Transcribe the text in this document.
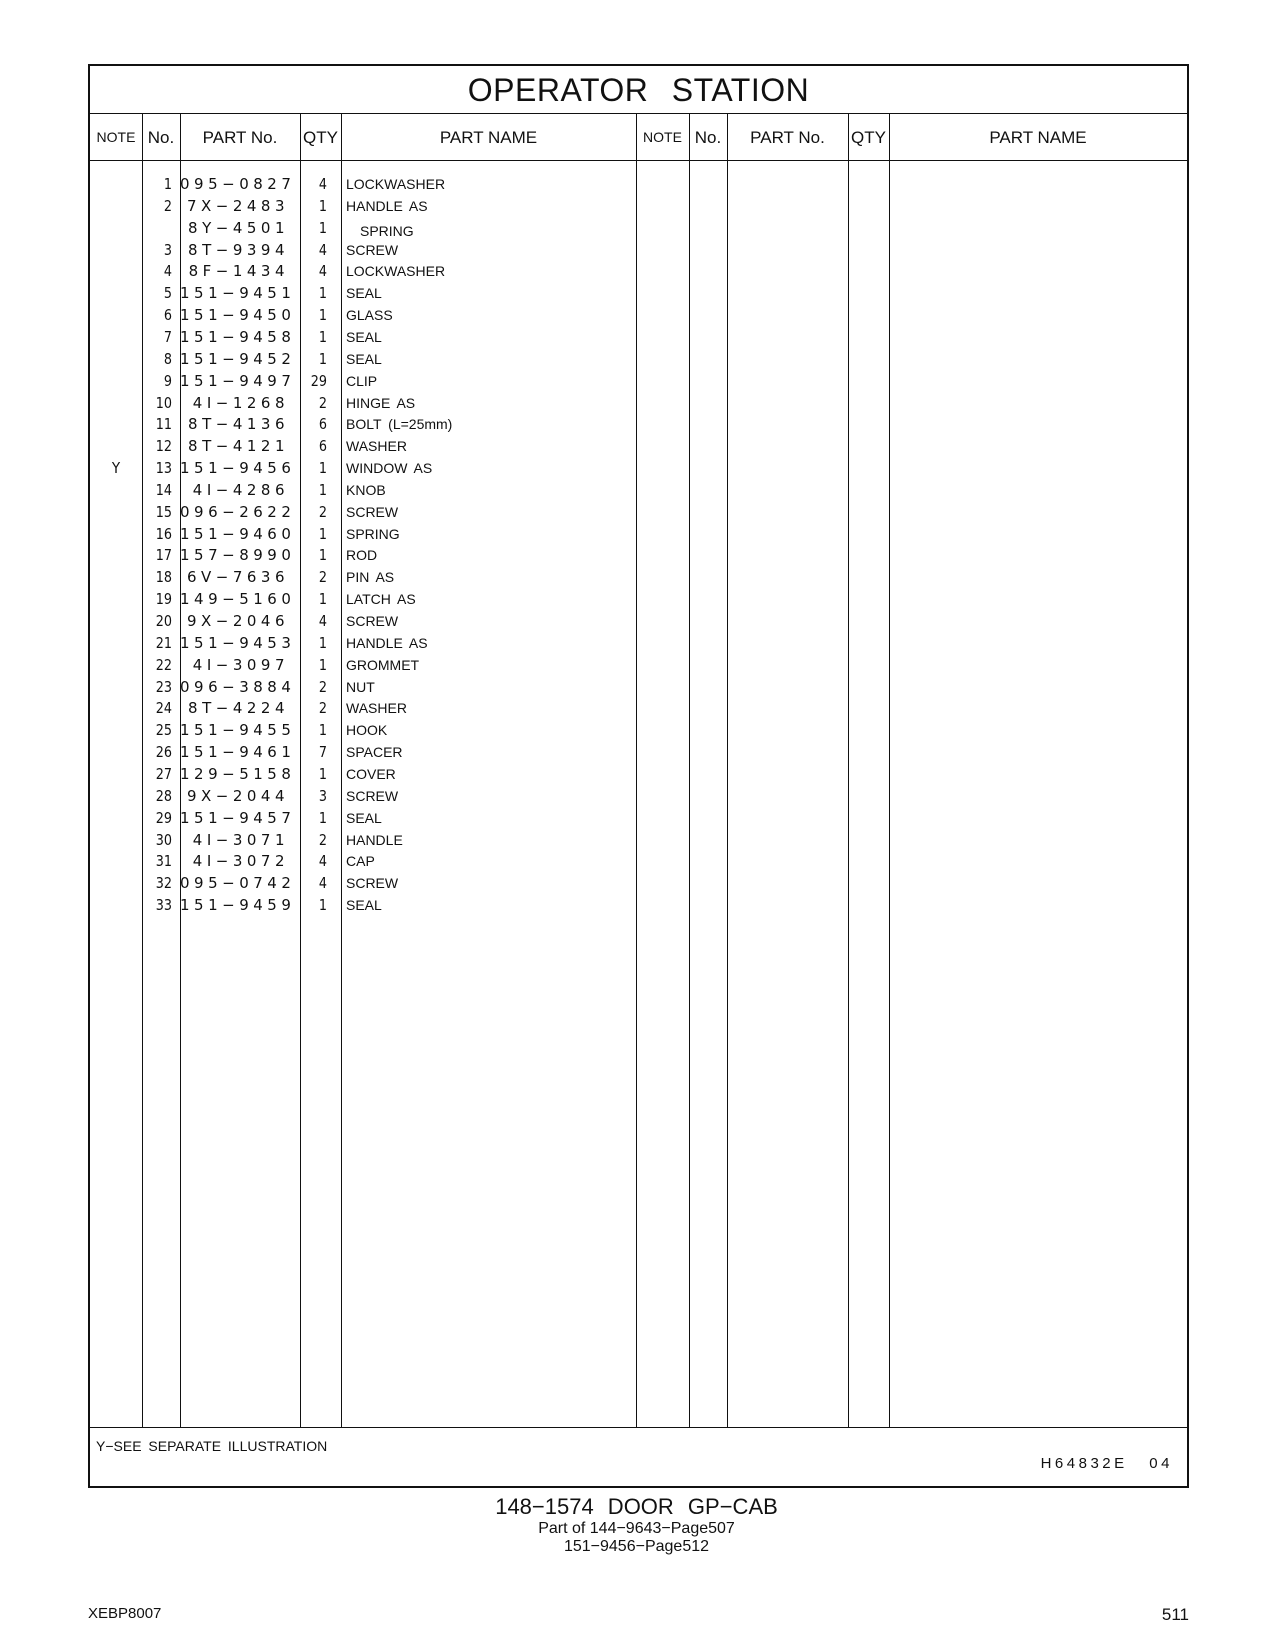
OPERATOR STATION
NOTE No.	PART No.	QTY	PART NAME	NOTE No.	PART No.	QTY	PART NAME
1 095−0827	4 LOCKWASHER
2 7X−2483	1 HANDLE AS
8Y−4501	1	SPRING
3	8T−9394	4 SCREW
4	8F−1434	4 LOCKWASHER
5 151−9451	1 SEAL
6 151−9450	1 GLASS
7 151−9458	1 SEAL
8 151−9452	1 SEAL
9 151−9497	29 CLIP
10	4I−1268	2 HINGE AS
11	8T−4136	6 BOLT (L=25mm)
12	8T−4121	6 WASHER
Y	13 151−9456	1 WINDOW AS
14	4I−4286	1 KNOB
15 096−2622	2 SCREW
16 151−9460	1 SPRING
17 157−8990	1 ROD
18 6V−7636	2 PIN AS
19 149−5160	1 LATCH AS
20 9X−2046	4 SCREW
21 151−9453	1 HANDLE AS
22	4I−3097	1 GROMMET
23 096−3884	2 NUT
24	8T−4224	2 WASHER
25 151−9455	1 HOOK
26 151−9461	7 SPACER
27 129−5158	1 COVER
28 9X−2044	3 SCREW
29 151−9457	1 SEAL
30	4I−3071	2 HANDLE
31	4I−3072	4 CAP
32 095−0742	4 SCREW
33 151−9459	1 SEAL
Y−SEE SEPARATE ILLUSTRATION
H64832E 04
148−1574 DOOR GP−CAB
Part of 144−9643−Page507
151−9456−Page512
XEBP8007	511
